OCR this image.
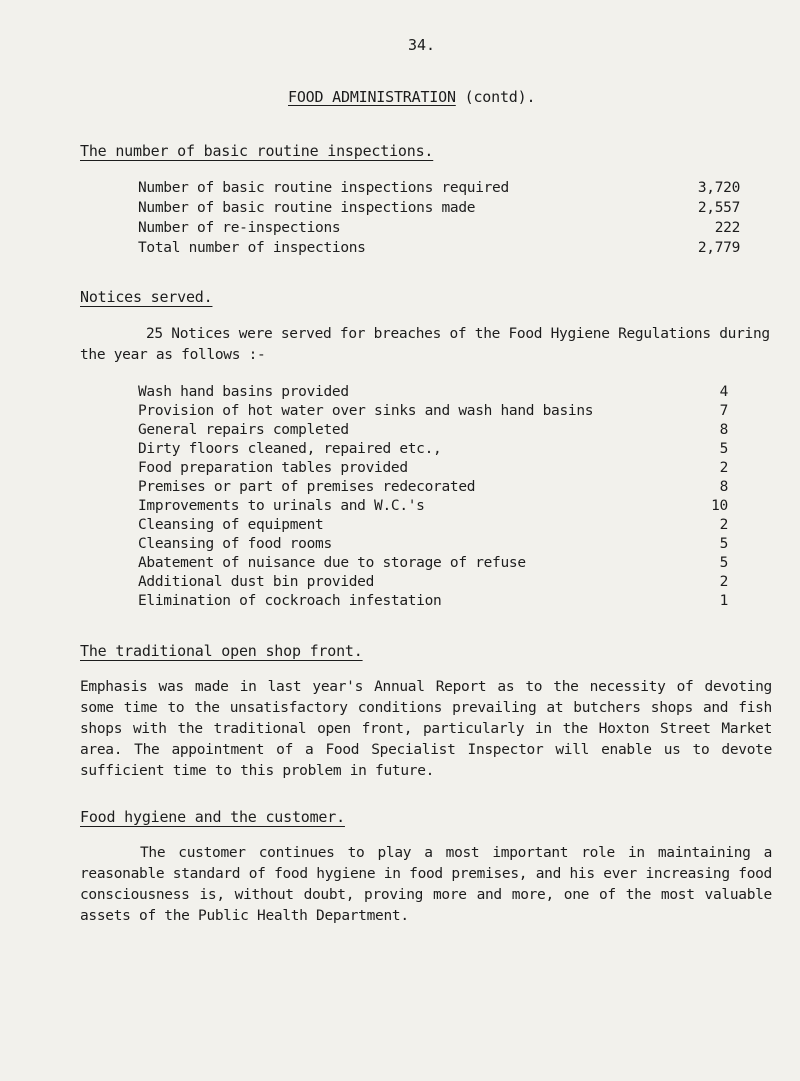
34.
FOOD ADMINISTRATION (contd).
The number of basic routine inspections.
Number of basic routine inspections required	3,720
Number of basic routine inspections made	2,557
Number of re-inspections	222
Total number of inspections	2,779
Notices served.
25 Notices were served for breaches of the Food Hygiene Regulations during the year as follows :-
Wash hand basins provided	4
Provision of hot water over sinks and wash hand basins	7
General repairs completed	8
Dirty floors cleaned, repaired etc.,	5
Food preparation tables provided	2
Premises or part of premises redecorated	8
Improvements to urinals and W.C.'s	10
Cleansing of equipment	2
Cleansing of food rooms	5
Abatement of nuisance due to storage of refuse	5
Additional dust bin provided	2
Elimination of cockroach infestation	1
The traditional open shop front.
Emphasis was made in last year's Annual Report as to the necessity of devoting some time to the unsatisfactory conditions prevailing at butchers shops and fish shops with the traditional open front, particularly in the Hoxton Street Market area. The appointment of a Food Specialist Inspector will enable us to devote sufficient time to this problem in future.
Food hygiene and the customer.
The customer continues to play a most important role in maintaining a reasonable standard of food hygiene in food premises, and his ever increasing food consciousness is, without doubt, proving more and more, one of the most valuable assets of the Public Health Department.
